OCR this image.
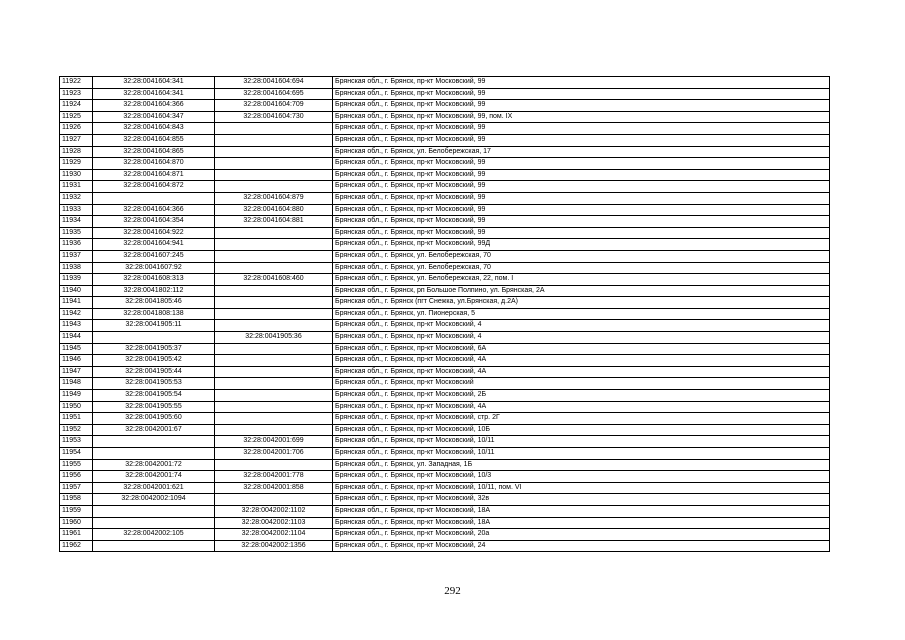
11922	32:28:0041604:341	32:28:0041604:694	Брянская обл., г. Брянск, пр-кт Московский, 99
11923	32:28:0041604:341	32:28:0041604:695	Брянская обл., г. Брянск, пр-кт Московский, 99
11924	32:28:0041604:366	32:28:0041604:709	Брянская обл., г. Брянск, пр-кт Московский, 99
11925	32:28:0041604:347	32:28:0041604:730	Брянская обл., г. Брянск, пр-кт Московский, 99, пом. IX
11926	32:28:0041604:843		Брянская обл., г. Брянск, пр-кт Московский, 99
11927	32:28:0041604:855		Брянская обл., г. Брянск, пр-кт Московский, 99
11928	32:28:0041604:865		Брянская обл., г. Брянск, ул. Белобережская, 17
11929	32:28:0041604:870		Брянская обл., г. Брянск, пр-кт Московский, 99
11930	32:28:0041604:871		Брянская обл., г. Брянск, пр-кт Московский, 99
11931	32:28:0041604:872		Брянская обл., г. Брянск, пр-кт Московский, 99
11932		32:28:0041604:879	Брянская обл., г. Брянск, пр-кт Московский, 99
11933	32:28:0041604:366	32:28:0041604:880	Брянская обл., г. Брянск, пр-кт Московский, 99
11934	32:28:0041604:354	32:28:0041604:881	Брянская обл., г. Брянск, пр-кт Московский, 99
11935	32:28:0041604:922		Брянская обл., г. Брянск, пр-кт Московский, 99
11936	32:28:0041604:941		Брянская обл., г. Брянск, пр-кт Московский, 99Д
11937	32:28:0041607:245		Брянская обл., г. Брянск, ул. Белобережская, 70
11938	32:28:0041607:92		Брянская обл., г. Брянск, ул. Белобережская, 70
11939	32:28:0041608:313	32:28:0041608:460	Брянская обл., г. Брянск, ул. Белобережская, 22, пом. I
11940	32:28:0041802:112		Брянская обл., г. Брянск, рп Большое Полпино, ул. Брянская, 2А
11941	32:28:0041805:46		Брянская обл., г. Брянск (пгт Снежка, ул.Брянская, д.2А)
11942	32:28:0041808:138		Брянская обл., г. Брянск, ул. Пионерская, 5
11943	32:28:0041905:11		Брянская обл., г. Брянск, пр-кт Московский, 4
11944		32:28:0041905:36	Брянская обл., г. Брянск, пр-кт Московский, 4
11945	32:28:0041905:37		Брянская обл., г. Брянск, пр-кт Московский, 6А
11946	32:28:0041905:42		Брянская обл., г. Брянск, пр-кт Московский, 4А
11947	32:28:0041905:44		Брянская обл., г. Брянск, пр-кт Московский, 4А
11948	32:28:0041905:53		Брянская обл., г. Брянск, пр-кт Московский
11949	32:28:0041905:54		Брянская обл., г. Брянск, пр-кт Московский, 2Б
11950	32:28:0041905:55		Брянская обл., г. Брянск, пр-кт Московский, 4А
11951	32:28:0041905:60		Брянская обл., г. Брянск, пр-кт Московский, стр. 2Г
11952	32:28:0042001:67		Брянская обл., г. Брянск, пр-кт Московский, 10Б
11953		32:28:0042001:699	Брянская обл., г. Брянск, пр-кт Московский, 10/11
11954		32:28:0042001:706	Брянская обл., г. Брянск, пр-кт Московский, 10/11
11955	32:28:0042001:72		Брянская обл., г. Брянск, ул. Западная, 1Б
11956	32:28:0042001:74	32:28:0042001:778	Брянская обл., г. Брянск, пр-кт Московский, 10/3
11957	32:28:0042001:621	32:28:0042001:858	Брянская обл., г. Брянск, пр-кт Московский, 10/11, пом. VI
11958	32:28:0042002:1094		Брянская обл., г. Брянск, пр-кт Московский, 32в
11959		32:28:0042002:1102	Брянская обл., г. Брянск, пр-кт Московский, 18А
11960		32:28:0042002:1103	Брянская обл., г. Брянск, пр-кт Московский, 18А
11961	32:28:0042002:105	32:28:0042002:1104	Брянская обл., г. Брянск, пр-кт Московский, 20а
11962		32:28:0042002:1356	Брянская обл., г. Брянск, пр-кт Московский, 24
292
